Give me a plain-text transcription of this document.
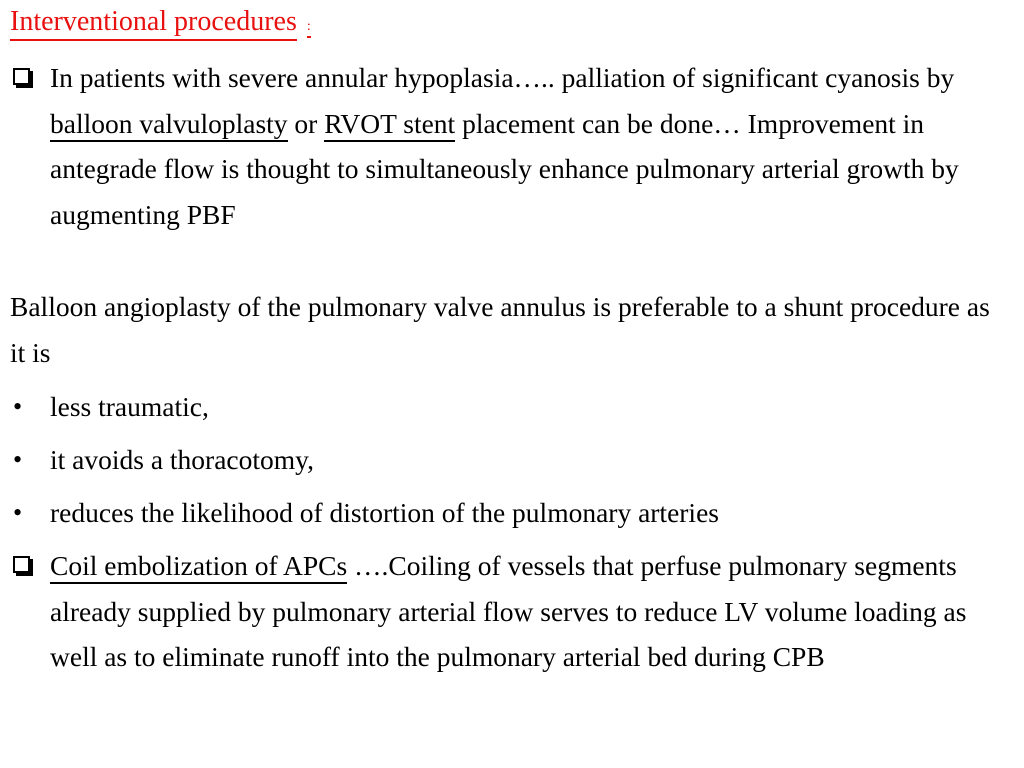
Interventional procedures :
In patients with severe annular hypoplasia….. palliation of significant cyanosis by balloon valvuloplasty or RVOT stent placement can be done… Improvement in antegrade flow is thought to simultaneously enhance pulmonary arterial growth by augmenting PBF
Balloon angioplasty of the pulmonary valve annulus is preferable to a shunt procedure as it is
• less traumatic,
• it avoids a thoracotomy,
• reduces the likelihood of distortion of the pulmonary arteries
Coil embolization of APCs ….Coiling of vessels that perfuse pulmonary segments already supplied by pulmonary arterial flow serves to reduce LV volume loading as well as to eliminate runoff into the pulmonary arterial bed during CPB
